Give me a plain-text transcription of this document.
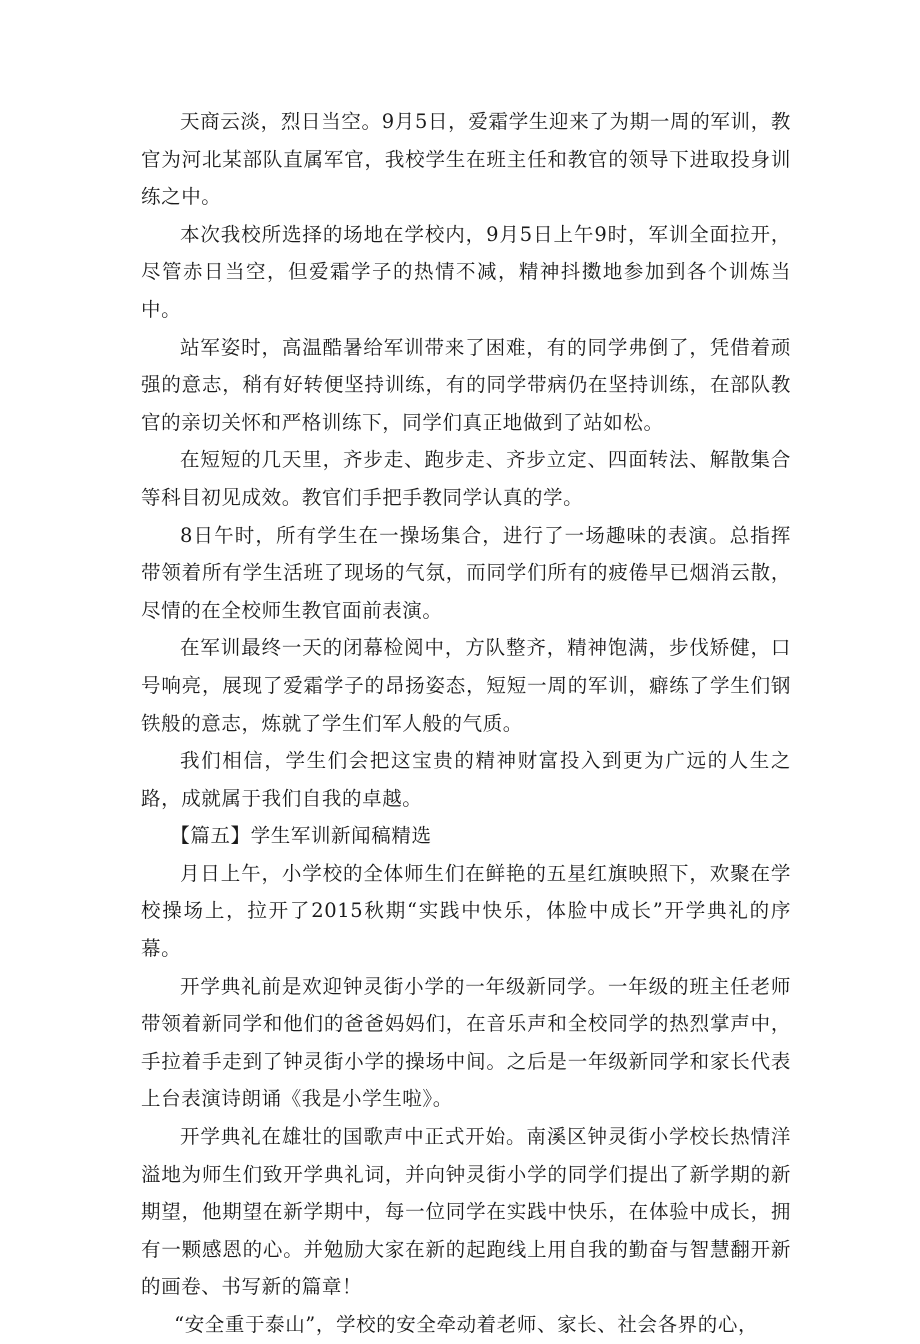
天商云淡，烈日当空。9月5日，爱霜学生迎来了为期一周的军训，教官为河北某部队直属军官，我校学生在班主任和教官的领导下进取投身训练之中。

本次我校所选择的场地在学校内，9月5日上午9时，军训全面拉开，尽管赤日当空，但爱霜学子的热情不减，精神抖擞地参加到各个训炼当中。

站军姿时，高温酷暑给军训带来了困难，有的同学弗倒了，凭借着顽强的意志，稍有好转便坚持训练，有的同学带病仍在坚持训练，在部队教官的亲切关怀和严格训练下，同学们真正地做到了站如松。

在短短的几天里，齐步走、跑步走、齐步立定、四面转法、解散集合等科目初见成效。教官们手把手教同学认真的学。

8日午时，所有学生在一操场集合，进行了一场趣味的表演。总指挥带领着所有学生活班了现场的气氛，而同学们所有的疲倦早已烟消云散，尽情的在全校师生教官面前表演。

在军训最终一天的闭幕检阅中，方队整齐，精神饱满，步伐矫健，口号响亮，展现了爱霜学子的昂扬姿态，短短一周的军训，癖练了学生们钢铁般的意志，炼就了学生们军人般的气质。

我们相信，学生们会把这宝贵的精神财富投入到更为广远的人生之路，成就属于我们自我的卓越。

【篇五】学生军训新闻稿精选

月日上午，小学校的全体师生们在鲜艳的五星红旗映照下，欢聚在学校操场上，拉开了2015秋期“实践中快乐，体脸中成长”开学典礼的序幕。

开学典礼前是欢迎钟灵街小学的一年级新同学。一年级的班主任老师带领着新同学和他们的爸爸妈妈们，在音乐声和全校同学的热烈掌声中，手拉着手走到了钟灵街小学的操场中间。之后是一年级新同学和家长代表上台表演诗朗诵《我是小学生啦》。

开学典礼在雄壮的国歌声中正式开始。南溪区钟灵街小学校长热情洋溢地为师生们致开学典礼词，并向钟灵街小学的同学们提出了新学期的新期望，他期望在新学期中，每一位同学在实践中快乐，在体验中成长，拥有一颗感恩的心。并勉励大家在新的起跑线上用自我的勤奋与智慧翻开新的画卷、书写新的篇章！

“安全重于泰山”，学校的安全牵动着老师、家长、社会各界的心，
